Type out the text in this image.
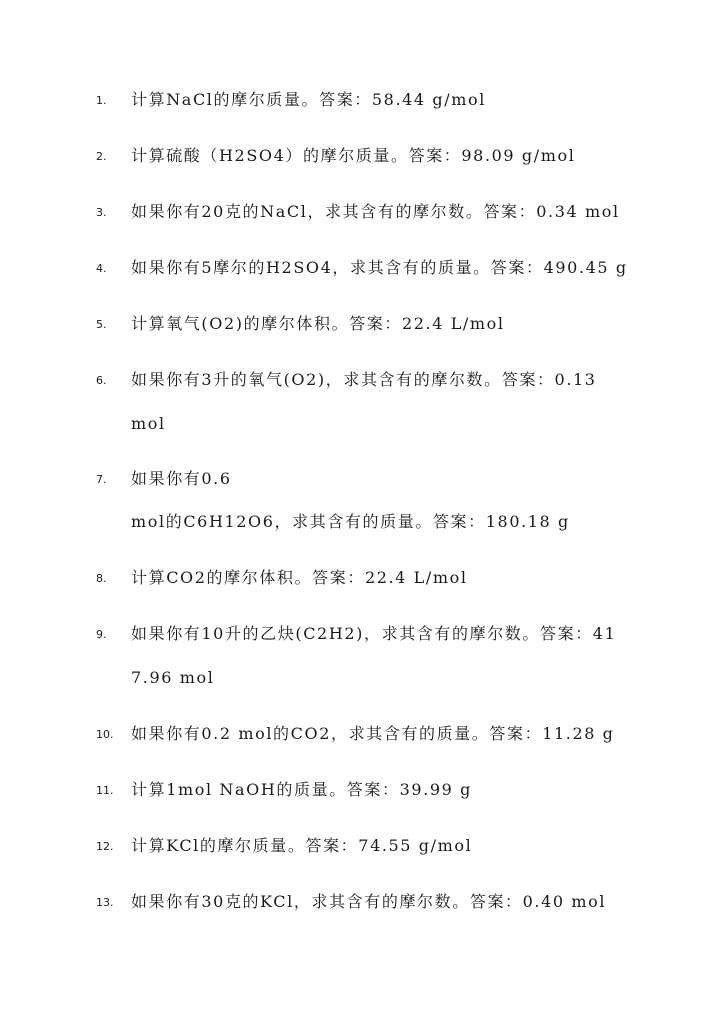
1.	计算NaCl的摩尔质量。答案：58.44 g/mol
2.	计算硫酸（H2SO4）的摩尔质量。答案：98.09 g/mol
3.	如果你有20克的NaCl，求其含有的摩尔数。答案：0.34 mol
4.	如果你有5摩尔的H2SO4，求其含有的质量。答案：490.45 g
5.	计算氧气(O2)的摩尔体积。答案：22.4 L/mol
6.	如果你有3升的氧气(O2)，求其含有的摩尔数。答案：0.13
mol
7.	如果你有0.6
mol的C6H12O6，求其含有的质量。答案：180.18 g
8.	计算CO2的摩尔体积。答案：22.4 L/mol
9.	如果你有10升的乙炔(C2H2)，求其含有的摩尔数。答案：41
7.96 mol
10.	如果你有0.2 mol的CO2，求其含有的质量。答案：11.28 g
11.	计算1mol NaOH的质量。答案：39.99 g
12.	计算KCl的摩尔质量。答案：74.55 g/mol
13.	如果你有30克的KCl，求其含有的摩尔数。答案：0.40 mol
